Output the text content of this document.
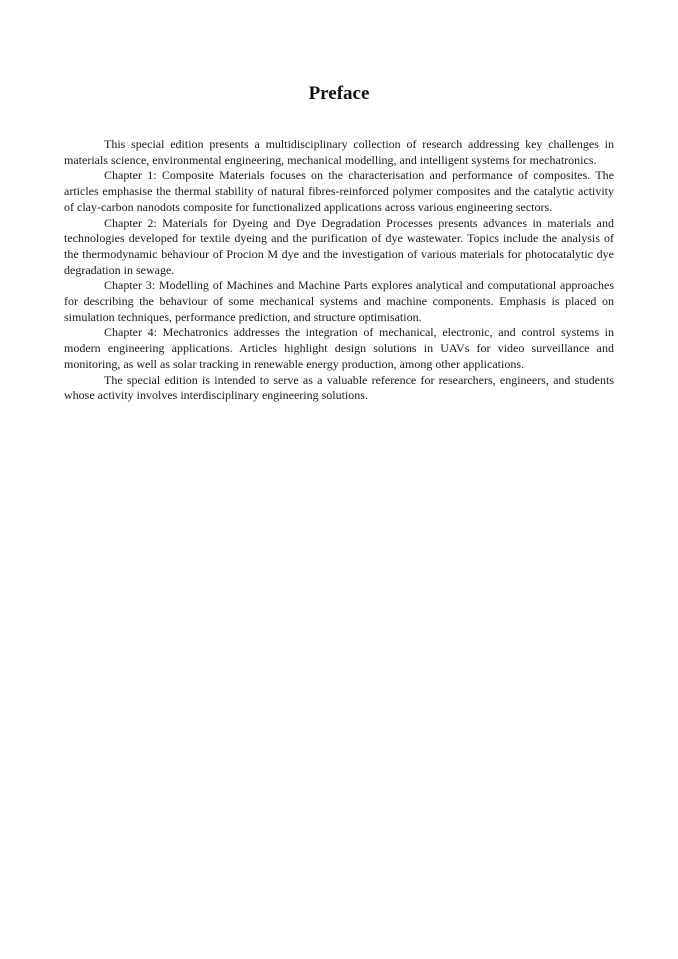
Preface

This special edition presents a multidisciplinary collection of research addressing key challenges in materials science, environmental engineering, mechanical modelling, and intelligent systems for mechatronics.

Chapter 1: Composite Materials focuses on the characterisation and performance of composites. The articles emphasise the thermal stability of natural fibres-reinforced polymer composites and the catalytic activity of clay-carbon nanodots composite for functionalized applications across various engineering sectors.

Chapter 2: Materials for Dyeing and Dye Degradation Processes presents advances in materials and technologies developed for textile dyeing and the purification of dye wastewater. Topics include the analysis of the thermodynamic behaviour of Procion M dye and the investigation of various materials for photocatalytic dye degradation in sewage.

Chapter 3: Modelling of Machines and Machine Parts explores analytical and computational approaches for describing the behaviour of some mechanical systems and machine components. Emphasis is placed on simulation techniques, performance prediction, and structure optimisation.

Chapter 4: Mechatronics addresses the integration of mechanical, electronic, and control systems in modern engineering applications. Articles highlight design solutions in UAVs for video surveillance and monitoring, as well as solar tracking in renewable energy production, among other applications.

The special edition is intended to serve as a valuable reference for researchers, engineers, and students whose activity involves interdisciplinary engineering solutions.
